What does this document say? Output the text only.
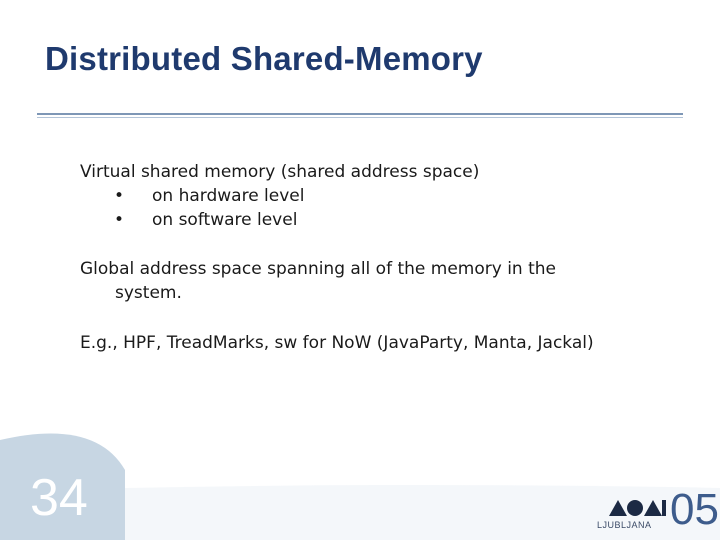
Distributed Shared-Memory
Virtual shared memory (shared address space)
•
on hardware level
•
on software level
Global address space spanning all of the memory in the
system.
E.g., HPF, TreadMarks, sw for NoW (JavaParty, Manta, Jackal)
34	LJUBLJANA 05
